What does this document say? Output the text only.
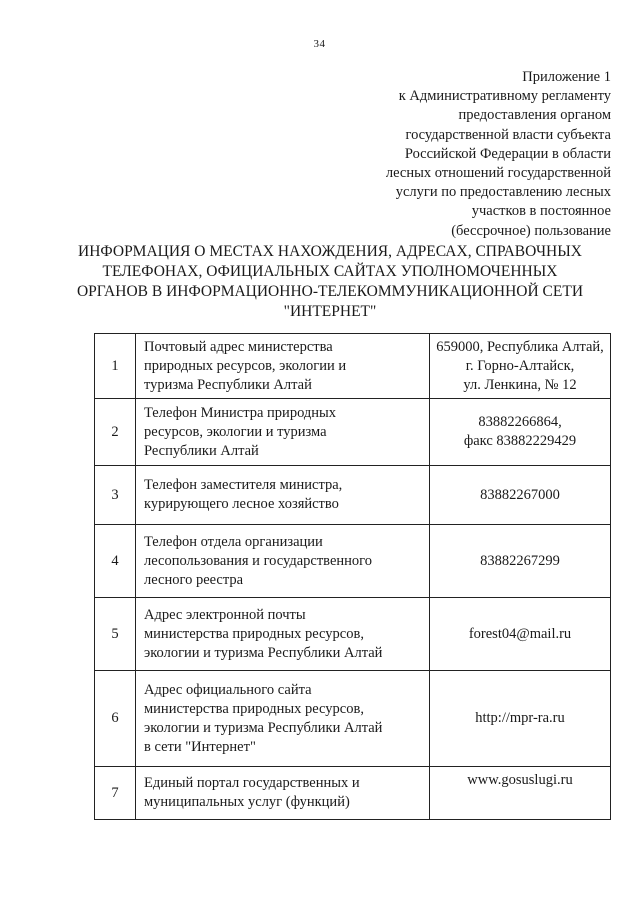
34
Приложение 1
к Административному регламенту
предоставления органом
государственной власти субъекта
Российской Федерации в области
лесных отношений государственной
услуги по предоставлению лесных
участков в постоянное
(бессрочное) пользование
ИНФОРМАЦИЯ О МЕСТАХ НАХОЖДЕНИЯ, АДРЕСАХ, СПРАВОЧНЫХ
ТЕЛЕФОНАХ, ОФИЦИАЛЬНЫХ САЙТАХ УПОЛНОМОЧЕННЫХ
ОРГАНОВ В ИНФОРМАЦИОННО-ТЕЛЕКОММУНИКАЦИОННОЙ СЕТИ
"ИНТЕРНЕТ"
1	Почтовый адрес министерства
природных ресурсов, экологии и
туризма Республики Алтай	659000, Республика Алтай,
г. Горно-Алтайск,
ул. Ленкина, № 12

2	Телефон Министра природных
ресурсов, экологии и туризма
Республики Алтай	83882266864,
факс 83882229429

3	Телефон заместителя министра,
курирующего лесное хозяйство	83882267000

4	Телефон отдела организации
лесопользования и государственного
лесного реестра	83882267299

5	Адрес электронной почты
министерства природных ресурсов,
экологии и туризма Республики Алтай	forest04@mail.ru

6	Адрес официального сайта
министерства природных ресурсов,
экологии и туризма Республики Алтай
в сети "Интернет"	http://mpr-ra.ru

7	Единый портал государственных и
муниципальных услуг (функций)	www.gosuslugi.ru
